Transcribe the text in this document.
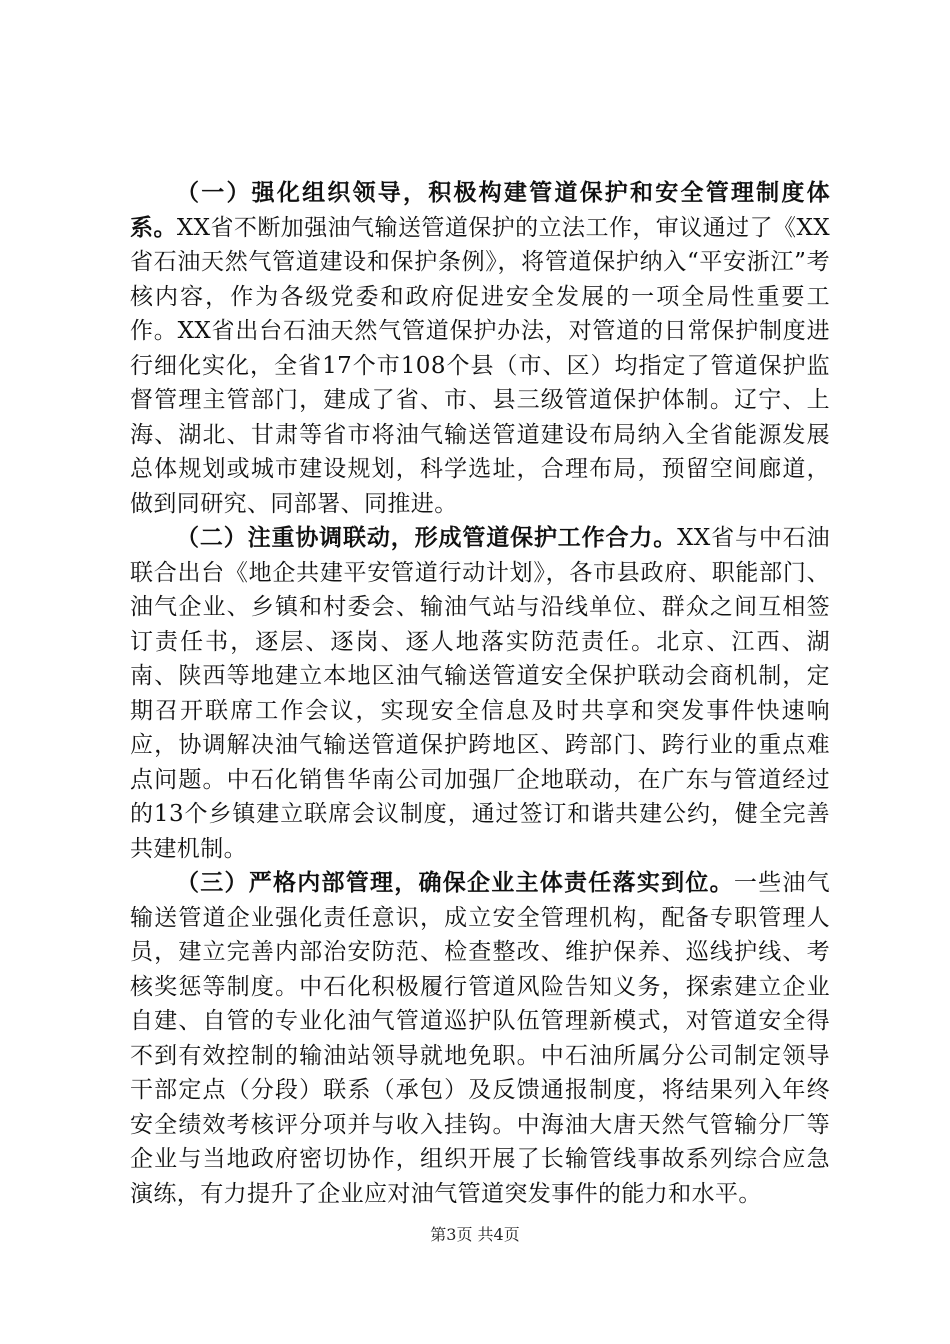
（一）强化组织领导，积极构建管道保护和安全管理制度体系。XX省不断加强油气输送管道保护的立法工作，审议通过了《XX省石油天然气管道建设和保护条例》，将管道保护纳入“平安浙江”考核内容，作为各级党委和政府促进安全发展的一项全局性重要工作。XX省出台石油天然气管道保护办法，对管道的日常保护制度进行细化实化，全省17个市108个县（市、区）均指定了管道保护监督管理主管部门，建成了省、市、县三级管道保护体制。辽宁、上海、湖北、甘肃等省市将油气输送管道建设布局纳入全省能源发展总体规划或城市建设规划，科学选址，合理布局，预留空间廊道，做到同研究、同部署、同推进。

（二）注重协调联动，形成管道保护工作合力。XX省与中石油联合出台《地企共建平安管道行动计划》，各市县政府、职能部门、油气企业、乡镇和村委会、输油气站与沿线单位、群众之间互相签订责任书，逐层、逐岗、逐人地落实防范责任。北京、江西、湖南、陕西等地建立本地区油气输送管道安全保护联动会商机制，定期召开联席工作会议，实现安全信息及时共享和突发事件快速响应，协调解决油气输送管道保护跨地区、跨部门、跨行业的重点难点问题。中石化销售华南公司加强厂企地联动，在广东与管道经过的13个乡镇建立联席会议制度，通过签订和谐共建公约，健全完善共建机制。

（三）严格内部管理，确保企业主体责任落实到位。一些油气输送管道企业强化责任意识，成立安全管理机构，配备专职管理人员，建立完善内部治安防范、检查整改、维护保养、巡线护线、考核奖惩等制度。中石化积极履行管道风险告知义务，探索建立企业自建、自管的专业化油气管道巡护队伍管理新模式，对管道安全得不到有效控制的输油站领导就地免职。中石油所属分公司制定领导干部定点（分段）联系（承包）及反馈通报制度，将结果列入年终安全绩效考核评分项并与收入挂钩。中海油大唐天然气管输分厂等企业与当地政府密切协作，组织开展了长输管线事故系列综合应急演练，有力提升了企业应对油气管道突发事件的能力和水平。

第3页 共4页
